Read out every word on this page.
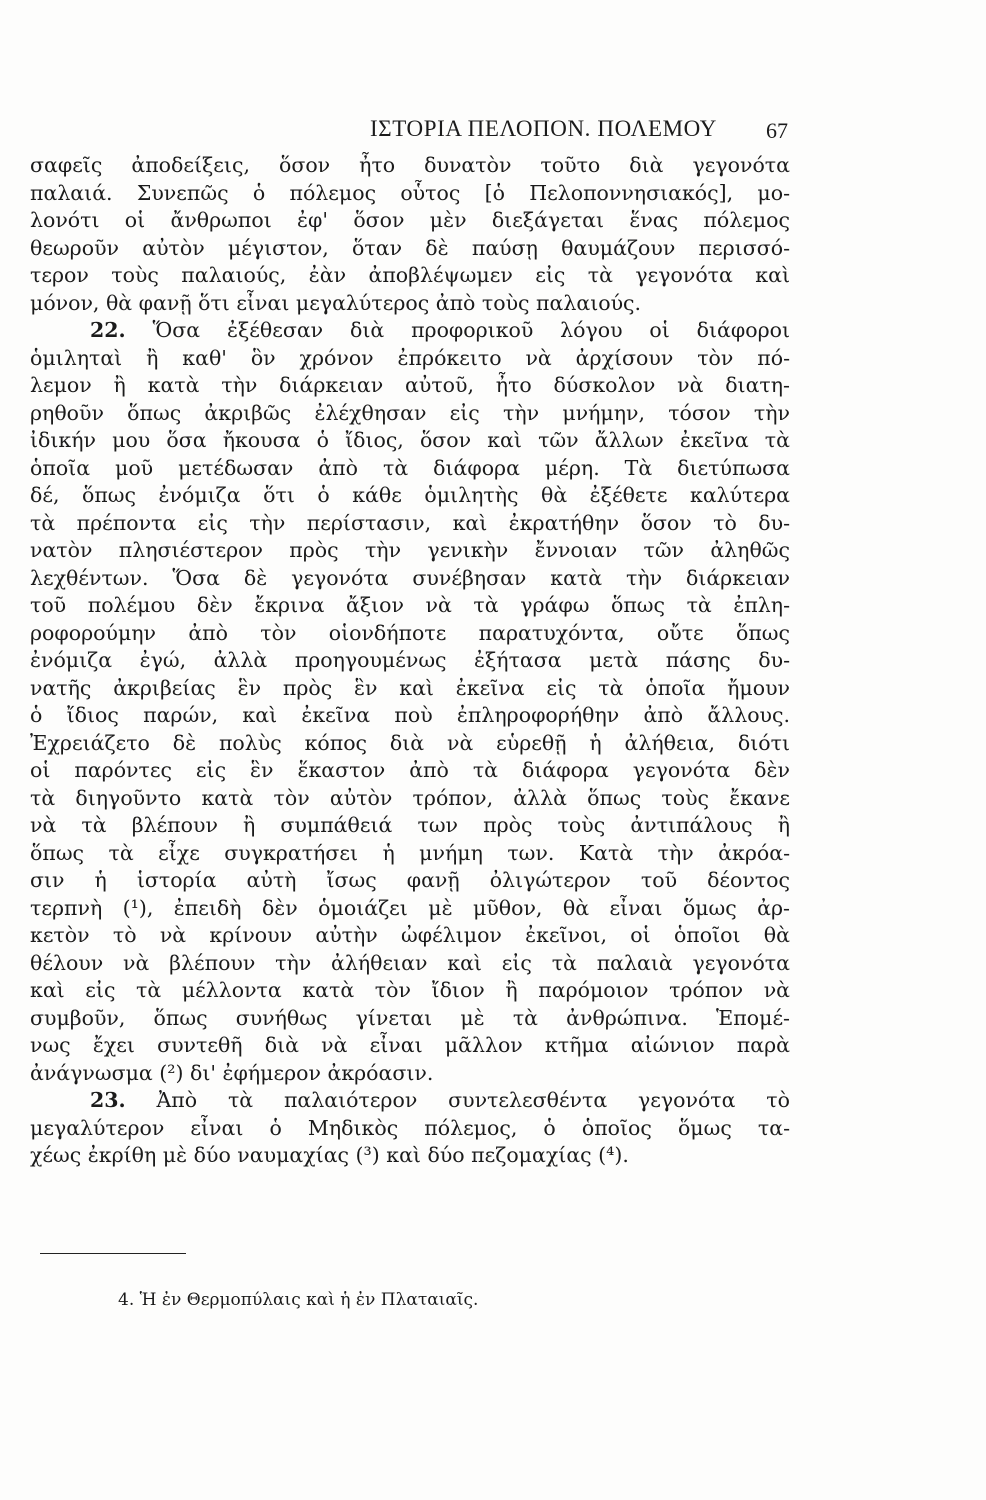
ΙΣΤΟΡΙΑ ΠΕΛΟΠΟΝ. ΠΟΛΕΜΟΥ 67
σαφεῖς ἀποδείξεις, ὅσον ἦτο δυνατὸν τοῦτο διὰ γεγονότα
παλαιά. Συνεπῶς ὁ πόλεμος οὗτος [ὁ Πελοποννησιακός], μο-
λονότι οἱ ἄνθρωποι ἐφ' ὅσον μὲν διεξάγεται ἕνας πόλεμος
θεωροῦν αὐτὸν μέγιστον, ὅταν δὲ παύσῃ θαυμάζουν περισσό-
τερον τοὺς παλαιούς, ἐὰν ἀποβλέψωμεν εἰς τὰ γεγονότα καὶ
μόνον, θὰ φανῇ ὅτι εἶναι μεγαλύτερος ἀπὸ τοὺς παλαιούς.
22. Ὅσα ἐξέθεσαν διὰ προφορικοῦ λόγου οἱ διάφοροι
ὁμιληταὶ ἢ καθ' ὃν χρόνον ἐπρόκειτο νὰ ἀρχίσουν τὸν πό-
λεμον ἢ κατὰ τὴν διάρκειαν αὐτοῦ, ἦτο δύσκολον νὰ διατη-
ρηθοῦν ὅπως ἀκριβῶς ἐλέχθησαν εἰς τὴν μνήμην, τόσον τὴν
ἰδικήν μου ὅσα ἤκουσα ὁ ἴδιος, ὅσον καὶ τῶν ἄλλων ἐκεῖνα τὰ
ὁποῖα μοῦ μετέδωσαν ἀπὸ τὰ διάφορα μέρη. Τὰ διετύπωσα
δέ, ὅπως ἐνόμιζα ὅτι ὁ κάθε ὁμιλητὴς θὰ ἐξέθετε καλύτερα
τὰ πρέποντα εἰς τὴν περίστασιν, καὶ ἐκρατήθην ὅσον τὸ δυ-
νατὸν πλησιέστερον πρὸς τὴν γενικὴν ἔννοιαν τῶν ἀληθῶς
λεχθέντων. Ὅσα δὲ γεγονότα συνέβησαν κατὰ τὴν διάρκειαν
τοῦ πολέμου δὲν ἔκρινα ἄξιον νὰ τὰ γράφω ὅπως τὰ ἐπλη-
ροφορούμην ἀπὸ τὸν οἱονδήποτε παρατυχόντα, οὔτε ὅπως
ἐνόμιζα ἐγώ, ἀλλὰ προηγουμένως ἐξήτασα μετὰ πάσης δυ-
νατῆς ἀκριβείας ἓν πρὸς ἓν καὶ ἐκεῖνα εἰς τὰ ὁποῖα ἤμουν
ὁ ἴδιος παρών, καὶ ἐκεῖνα ποὺ ἐπληροφορήθην ἀπὸ ἄλλους.
Ἐχρειάζετο δὲ πολὺς κόπος διὰ νὰ εὑρεθῇ ἡ ἀλήθεια, διότι
οἱ παρόντες εἰς ἓν ἕκαστον ἀπὸ τὰ διάφορα γεγονότα δὲν
τὰ διηγοῦντο κατὰ τὸν αὐτὸν τρόπον, ἀλλὰ ὅπως τοὺς ἔκανε
νὰ τὰ βλέπουν ἢ συμπάθειά των πρὸς τοὺς ἀντιπάλους ἢ
ὅπως τὰ εἶχε συγκρατήσει ἡ μνήμη των. Κατὰ τὴν ἀκρόα-
σιν ἡ ἱστορία αὐτὴ ἴσως φανῇ ὀλιγώτερον τοῦ δέοντος
τερπνὴ (¹), ἐπειδὴ δὲν ὁμοιάζει μὲ μῦθον, θὰ εἶναι ὅμως ἀρ-
κετὸν τὸ νὰ κρίνουν αὐτὴν ὠφέλιμον ἐκεῖνοι, οἱ ὁποῖοι θὰ
θέλουν νὰ βλέπουν τὴν ἀλήθειαν καὶ εἰς τὰ παλαιὰ γεγονότα
καὶ εἰς τὰ μέλλοντα κατὰ τὸν ἴδιον ἢ παρόμοιον τρόπον νὰ
συμβοῦν, ὅπως συνήθως γίνεται μὲ τὰ ἀνθρώπινα. Ἑπομέ-
νως ἔχει συντεθῆ διὰ νὰ εἶναι μᾶλλον κτῆμα αἰώνιον παρὰ
ἀνάγνωσμα (²) δι' ἐφήμερον ἀκρόασιν.
23. Ἀπὸ τὰ παλαιότερον συντελεσθέντα γεγονότα τὸ
μεγαλύτερον εἶναι ὁ Μηδικὸς πόλεμος, ὁ ὁποῖος ὅμως τα-
χέως ἐκρίθη μὲ δύο ναυμαχίας (³) καὶ δύο πεζομαχίας (⁴).
4. Ἡ ἐν Θερμοπύλαις καὶ ἡ ἐν Πλαταιαῖς.
